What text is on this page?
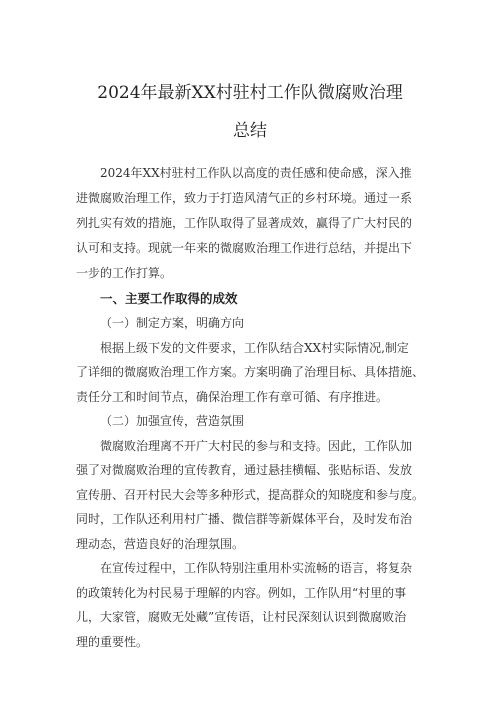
2024年最新XX村驻村工作队微腐败治理
总结
2024年XX村驻村工作队以高度的责任感和使命感，深入推
进微腐败治理工作，致力于打造风清气正的乡村环境。通过一系
列扎实有效的措施，工作队取得了显著成效，赢得了广大村民的
认可和支持。现就一年来的微腐败治理工作进行总结，并提出下
一步的工作打算。
一、主要工作取得的成效
（一）制定方案，明确方向
根据上级下发的文件要求，工作队结合XX村实际情况,制定
了详细的微腐败治理工作方案。方案明确了治理目标、具体措施、
责任分工和时间节点，确保治理工作有章可循、有序推进。
（二）加强宣传，营造氛围
微腐败治理离不开广大村民的参与和支持。因此，工作队加
强了对微腐败治理的宣传教育，通过悬挂横幅、张贴标语、发放
宣传册、召开村民大会等多种形式，提高群众的知晓度和参与度。
同时，工作队还利用村广播、微信群等新媒体平台，及时发布治
理动态，营造良好的治理氛围。
在宣传过程中，工作队特别注重用朴实流畅的语言，将复杂
的政策转化为村民易于理解的内容。例如，工作队用“村里的事
儿，大家管，腐败无处藏”宣传语，让村民深刻认识到微腐败治
理的重要性。
